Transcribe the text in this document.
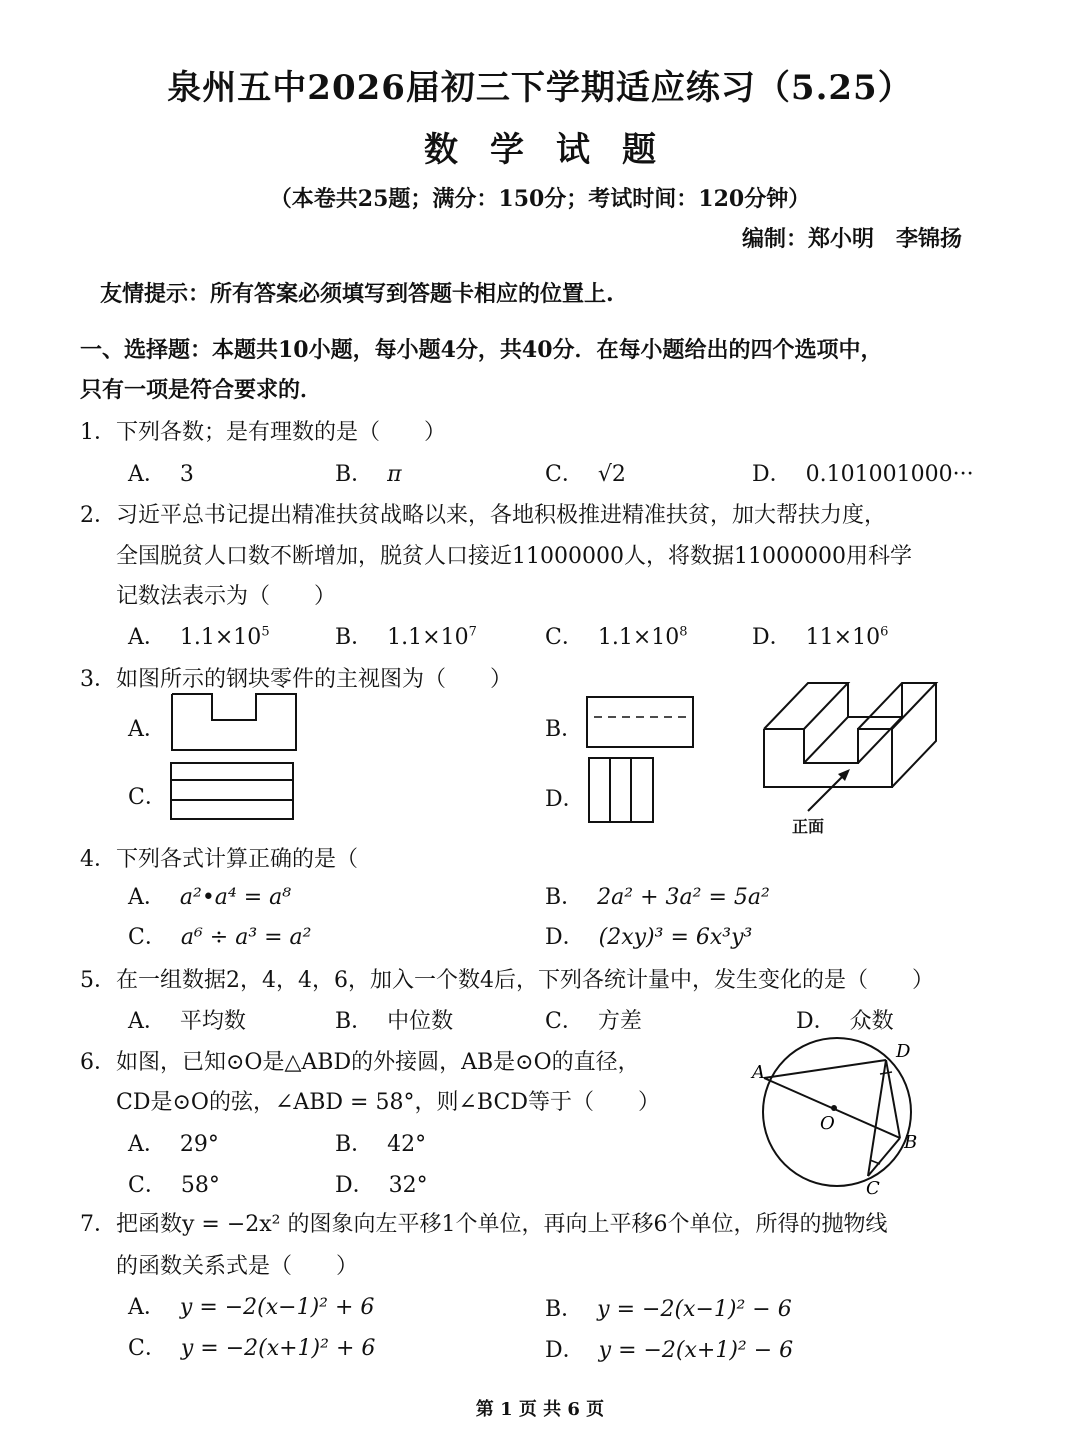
泉州五中2026届初三下学期适应练习（5.25）
数 学 试 题
（本卷共25题；满分：150分；考试时间：120分钟）
编制：郑小明　李锦扬
友情提示：所有答案必须填写到答题卡相应的位置上.
一、选择题：本题共10小题，每小题4分，共40分．在每小题给出的四个选项中，
只有一项是符合要求的．
1．下列各数；是有理数的是（　　）
A． 3	B． π	C． √2	D． 0.101001000···
2．习近平总书记提出精准扶贫战略以来，各地积极推进精准扶贫，加大帮扶力度，
全国脱贫人口数不断增加，脱贫人口接近11000000人，将数据11000000用科学
记数法表示为（　　）
A． $1.1\times 10^5$	B． $1.1\times 10^7$	C． $1.1\times 10^8$	D． $11\times 10^6$
3．如图所示的钢块零件的主视图为（　　）
A．
C．
B．
D．
正面
4．下列各式计算正确的是（
A． a²•a⁴ = a⁸	B． 2a² + 3a² = 5a²
C． a⁶ ÷ a³ = a²	D． (2xy)³ = 6x³y³
5．在一组数据2，4，4，6，加入一个数4后，下列各统计量中，发生变化的是（　　）
A． 平均数	B． 中位数	C． 方差	D． 众数
6．如图，已知⊙O是△ABD的外接圆，AB是⊙O的直径，
CD是⊙O的弦，∠ABD = 58°，则∠BCD等于（　　）
A． 29°	B． 42°
C． 58°	D． 32°
A
D
O
B
C
7．把函数y = −2x² 的图象向左平移1个单位，再向上平移6个单位，所得的抛物线
的函数关系式是（　　）
A． y = −2(x−1)² + 6	B． y = −2(x−1)² − 6
C． y = −2(x+1)² + 6	D． y = −2(x+1)² − 6
第 1 页 共 6 页
